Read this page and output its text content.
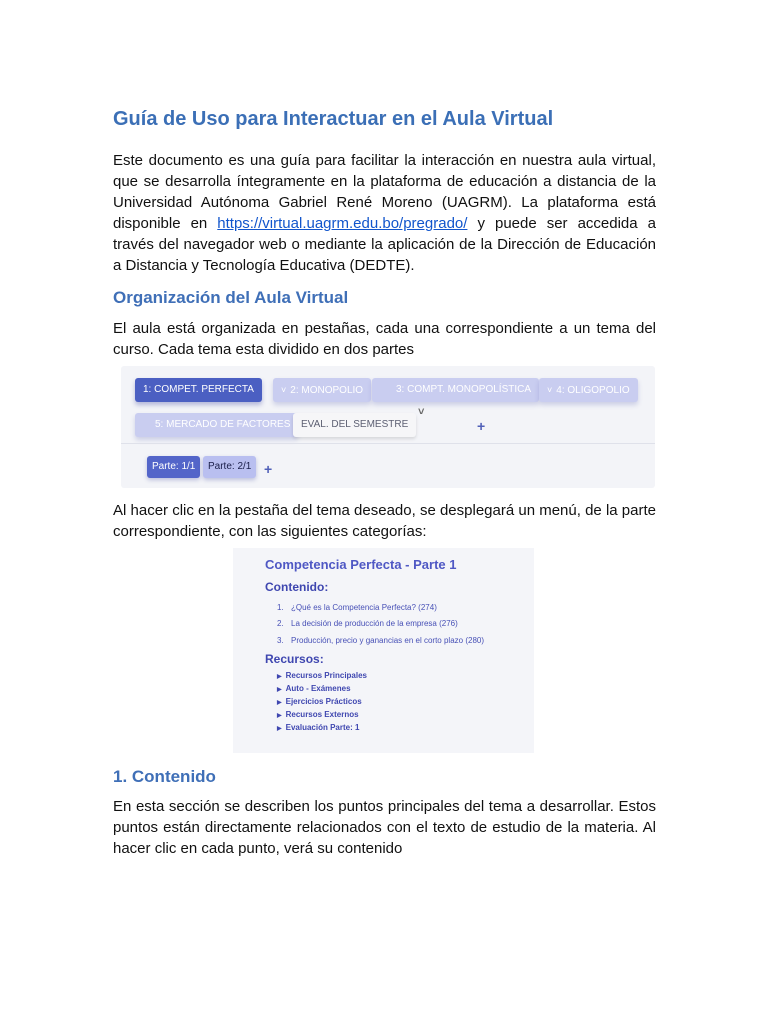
Guía de Uso para Interactuar en el Aula Virtual

Este documento es una guía para facilitar la interacción en nuestra aula virtual, que se desarrolla íntegramente en la plataforma de educación a distancia de la Universidad Autónoma Gabriel René Moreno (UAGRM). La plataforma está disponible en https://virtual.uagrm.edu.bo/pregrado/ y puede ser accedida a través del navegador web o mediante la aplicación de la Dirección de Educación a Distancia y Tecnología Educativa (DEDTE).

Organización del Aula Virtual

El aula está organizada en pestañas, cada una correspondiente a un tema del curso. Cada tema esta dividido en dos partes

Al hacer clic en la pestaña del tema deseado, se desplegará un menú, de la parte correspondiente, con las siguientes categorías:

1. Contenido

En esta sección se describen los puntos principales del tema a desarrollar. Estos puntos están directamente relacionados con el texto de estudio de la materia. Al hacer clic en cada punto, verá su contenido

1: COMPET. PERFECTA	˅ 2: MONOPOLIO	3: COMPT. MONOPOLÍSTICA	˅ 4: OLIGOPOLIO
5: MERCADO DE FACTORES	EVAL. DEL SEMESTRE
˅
+
Parte: 1/1	Parte: 2/1 +
Competencia Perfecta - Parte 1
Contenido:
1. ¿Qué es la Competencia Perfecta? (274)
2. La decisión de producción de la empresa (276)
3. Producción, precio y ganancias en el corto plazo (280)
Recursos:
▶ Recursos Principales
▶ Auto - Exámenes
▶ Ejercicios Prácticos
▶ Recursos Externos
▶ Evaluación Parte: 1
